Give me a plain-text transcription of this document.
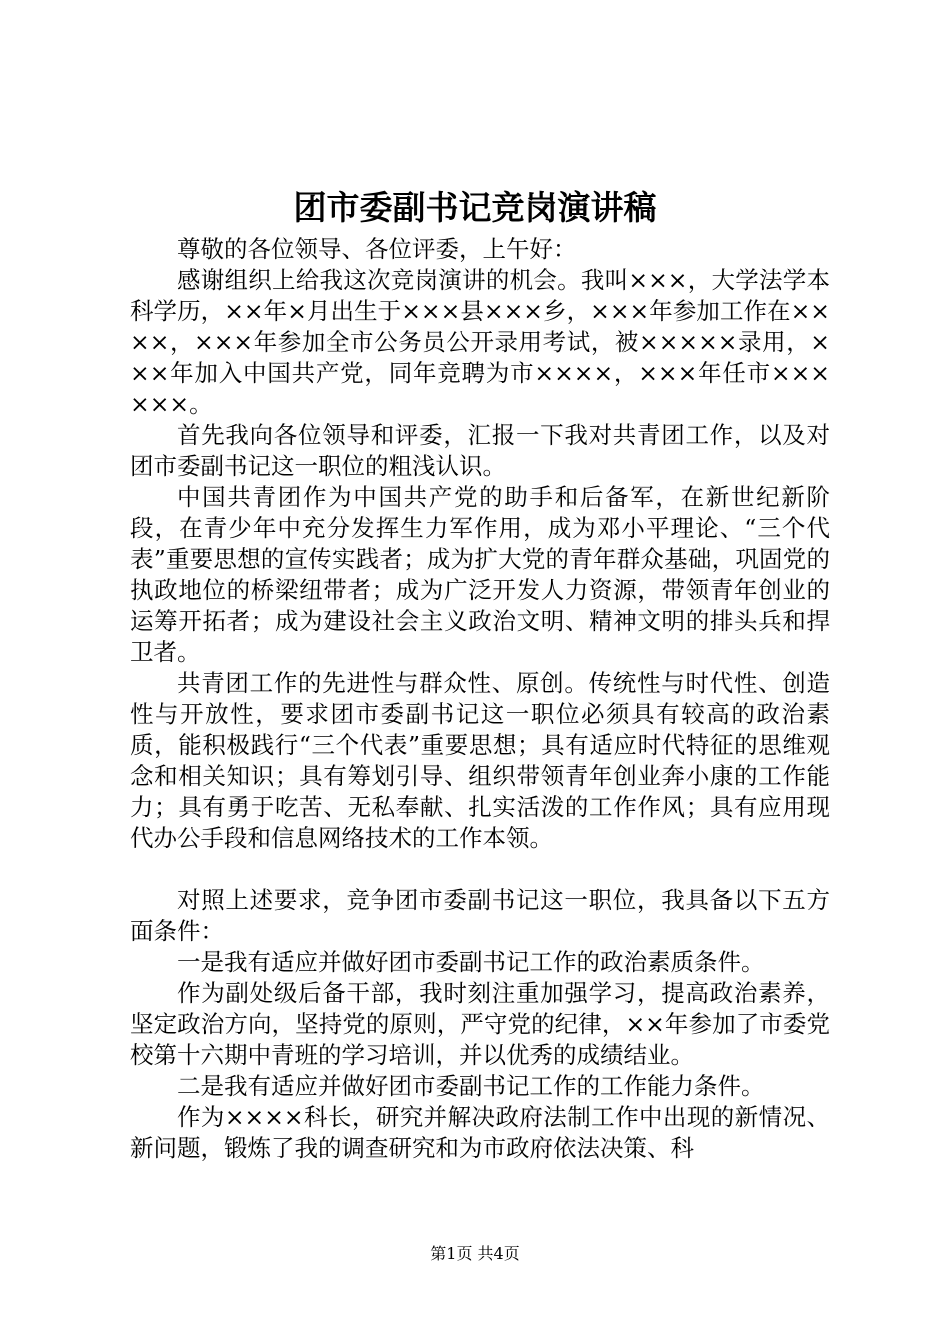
团市委副书记竞岗演讲稿

尊敬的各位领导、各位评委，上午好：

感谢组织上给我这次竞岗演讲的机会。我叫×××，大学法学本科学历，××年×月出生于×××县×××乡，×××年参加工作在××××，×××年参加全市公务员公开录用考试，被×××××录用，×××年加入中国共产党，同年竞聘为市××××，×××年任市××××××。

首先我向各位领导和评委，汇报一下我对共青团工作，以及对团市委副书记这一职位的粗浅认识。

中国共青团作为中国共产党的助手和后备军，在新世纪新阶段，在青少年中充分发挥生力军作用，成为邓小平理论、“三个代表”重要思想的宣传实践者；成为扩大党的青年群众基础，巩固党的执政地位的桥梁纽带者；成为广泛开发人力资源，带领青年创业的运筹开拓者；成为建设社会主义政治文明、精神文明的排头兵和捍卫者。

共青团工作的先进性与群众性、原创。传统性与时代性、创造性与开放性，要求团市委副书记这一职位必须具有较高的政治素质，能积极践行“三个代表”重要思想；具有适应时代特征的思维观念和相关知识；具有筹划引导、组织带领青年创业奔小康的工作能力；具有勇于吃苦、无私奉献、扎实活泼的工作作风；具有应用现代办公手段和信息网络技术的工作本领。

对照上述要求，竞争团市委副书记这一职位，我具备以下五方面条件：

一是我有适应并做好团市委副书记工作的政治素质条件。

作为副处级后备干部，我时刻注重加强学习，提高政治素养，坚定政治方向，坚持党的原则，严守党的纪律，××年参加了市委党校第十六期中青班的学习培训，并以优秀的成绩结业。

二是我有适应并做好团市委副书记工作的工作能力条件。

作为××××科长，研究并解决政府法制工作中出现的新情况、新问题，锻炼了我的调查研究和为市政府依法决策、科

第1页 共4页
